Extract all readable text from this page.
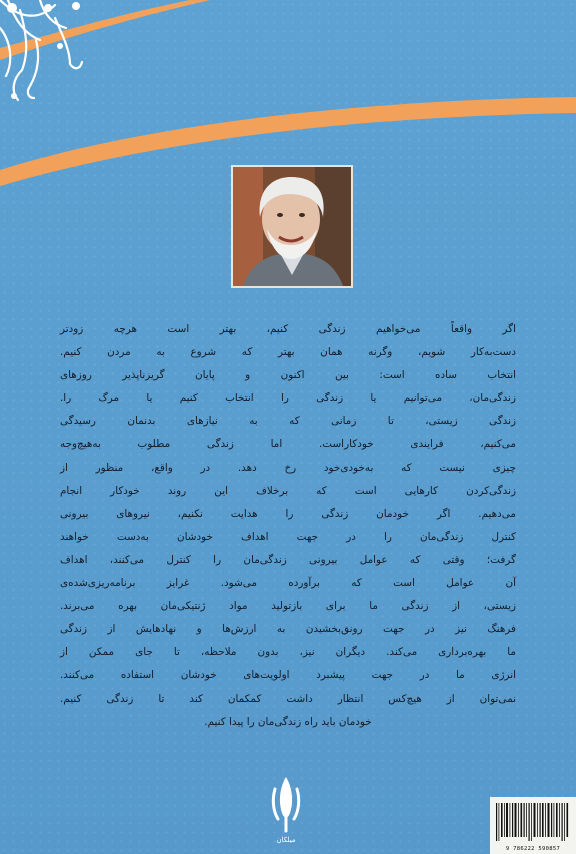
اگر واقعاً می‌خواهیم زندگی کنیم، بهتر است هرچه زودتر
دست‌به‌کار شویم، وگرنه همان بهتر که شروع به مردن کنیم.
انتخاب ساده است: بین اکنون و پایان گریزناپذیر روزهای
زندگی‌مان، می‌توانیم یا زندگی را انتخاب کنیم یا مرگ را.
زندگی زیستی، تا زمانی که به نیازهای بدنمان رسیدگی
می‌کنیم، فرایندی خودکاراست. اما زندگی مطلوب به‌هیچ‌وجه
چیزی نیست که به‌خودی‌خود رخ دهد. در واقع، منظور از
زندگی‌کردن کارهایی است که برخلاف این روند خودکار انجام
می‌دهیم. اگر خودمان زندگی را هدایت نکنیم، نیروهای بیرونی
کنترل زندگی‌مان را در جهت اهداف خودشان به‌دست خواهند
گرفت؛ وقتی که عوامل بیرونی زندگی‌مان را کنترل می‌کنند، اهداف
آن عوامل است که برآورده می‌شود. غرایز برنامه‌ریزی‌شده‌ی
زیستی، از زندگی ما برای بازتولید مواد ژنتیکی‌مان بهره می‌برند.
فرهنگ نیز در جهت رونق‌بخشیدن به ارزش‌ها و نهادهایش از زندگی
ما بهره‌برداری می‌کند. دیگران نیز، بدون ملاحظه، تا جای ممکن از
انرژی ما در جهت پیشبرد اولویت‌های خودشان استفاده می‌کنند.
نمی‌توان از هیچ‌کس انتظار داشت کمکمان کند تا زندگی کنیم.
خودمان باید راه زندگی‌مان را پیدا کنیم.
میلکان
9 786222 590857
